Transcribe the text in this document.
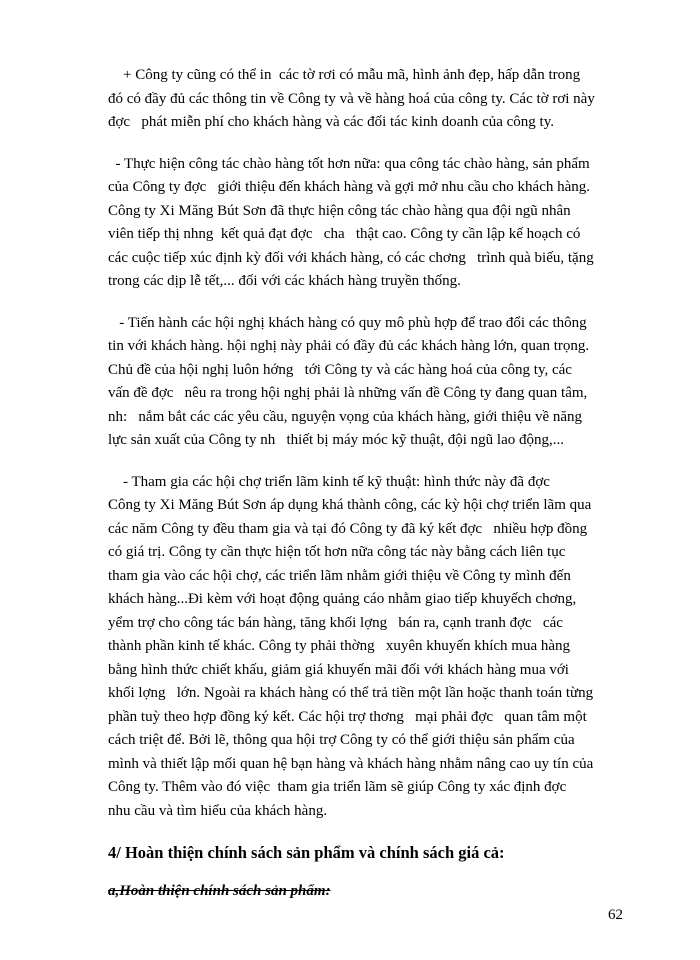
+ Công ty cũng có thể in  các tờ rơi có mẫu mã, hình ảnh đẹp, hấp dẫn trong
đó có đầy đủ các thông tin về Công ty và về hàng hoá của công ty. Các tờ rơi này
đợc   phát miễn phí cho khách hàng và các đối tác kinh doanh của công ty.

- Thực hiện công tác chào hàng tốt hơn nữa: qua công tác chào hàng, sản phẩm
của Công ty đợc   giới thiệu đến khách hàng và gợi mở nhu cầu cho khách hàng.
Công ty Xi Măng Bút Sơn đã thực hiện công tác chào hàng qua đội ngũ nhân
viên tiếp thị nhng  kết quả đạt đợc   cha   thật cao. Công ty cần lập kế hoạch có
các cuộc tiếp xúc định kỳ đối với khách hàng, có các chơng   trình quà biếu, tặng
trong các dịp lễ tết,... đối với các khách hàng truyền thống.

- Tiến hành các hội nghị khách hàng có quy mô phù hợp để trao đổi các thông
tin với khách hàng. hội nghị này phải có đầy đủ các khách hàng lớn, quan trọng.
Chủ đề của hội nghị luôn hớng   tới Công ty và các hàng hoá của công ty, các
vấn đề đợc   nêu ra trong hội nghị phải là những vấn đề Công ty đang quan tâm,
nh:   nắm bắt các các yêu cầu, nguyện vọng của khách hàng, giới thiệu về năng
lực sản xuất của Công ty nh   thiết bị máy móc kỹ thuật, đội ngũ lao động,...

- Tham gia các hội chợ triển lãm kinh tế kỹ thuật: hình thức này đã đợc
Công ty Xi Măng Bút Sơn áp dụng khá thành công, các kỳ hội chợ triển lãm qua
các năm Công ty đều tham gia và tại đó Công ty đã ký kết đợc   nhiều hợp đồng
có giá trị. Công ty cần thực hiện tốt hơn nữa công tác này bằng cách liên tục
tham gia vào các hội chợ, các triển lãm nhằm giới thiệu về Công ty mình đến
khách hàng...Đi kèm với hoạt động quảng cáo nhằm giao tiếp khuyếch chơng,
yểm trợ cho công tác bán hàng, tăng khối lợng   bán ra, cạnh tranh đợc   các
thành phần kinh tế khác. Công ty phải thờng   xuyên khuyến khích mua hàng
bằng hình thức chiết khấu, giảm giá khuyến mãi đối với khách hàng mua với
khối lợng   lớn. Ngoài ra khách hàng có thể trả tiền một lần hoặc thanh toán từng
phần tuỳ theo hợp đồng ký kết. Các hội trợ thơng   mại phải đợc   quan tâm một
cách triệt để. Bởi lẽ, thông qua hội trợ Công ty có thể giới thiệu sản phẩm của
mình và thiết lập mối quan hệ bạn hàng và khách hàng nhằm nâng cao uy tín của
Công ty. Thêm vào đó việc  tham gia triển lãm sẽ giúp Công ty xác định đợc
nhu cầu và tìm hiểu của khách hàng.

4/ Hoàn thiện chính sách sản phẩm và chính sách giá cả:
a,Hoàn thiện chính sách sản phẩm:
62
